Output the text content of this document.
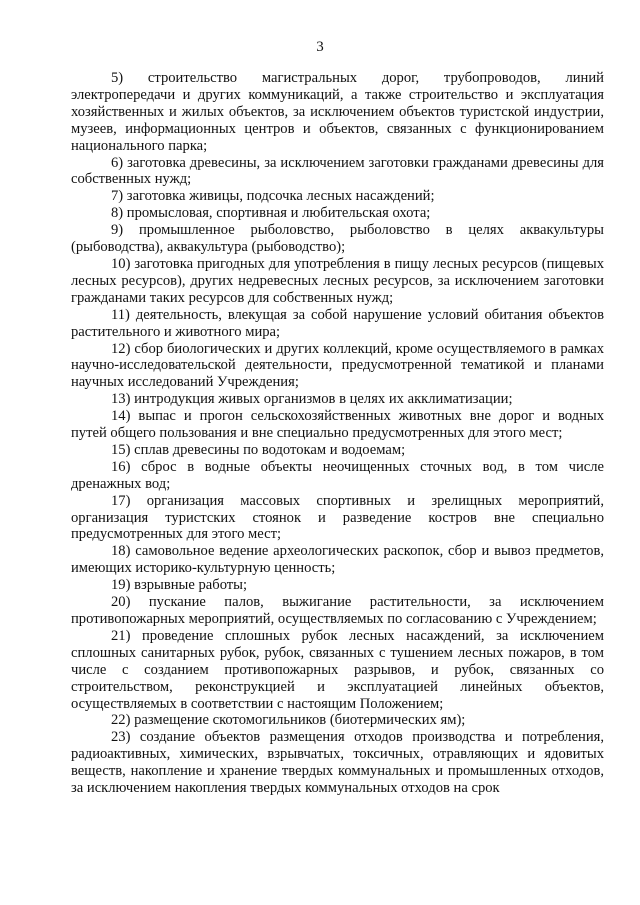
3

5) строительство магистральных дорог, трубопроводов, линий электропередачи и других коммуникаций, а также строительство и эксплуатация хозяйственных и жилых объектов, за исключением объектов туристской индустрии, музеев, информационных центров и объектов, связанных с функционированием национального парка;

6) заготовка древесины, за исключением заготовки гражданами древесины для собственных нужд;

7) заготовка живицы, подсочка лесных насаждений;

8) промысловая, спортивная и любительская охота;

9) промышленное рыболовство, рыболовство в целях аквакультуры (рыбоводства), аквакультура (рыбоводство);

10) заготовка пригодных для употребления в пищу лесных ресурсов (пищевых лесных ресурсов), других недревесных лесных ресурсов, за исключением заготовки гражданами таких ресурсов для собственных нужд;

11) деятельность, влекущая за собой нарушение условий обитания объектов растительного и животного мира;

12) сбор биологических и других коллекций, кроме осуществляемого в рамках научно-исследовательской деятельности, предусмотренной тематикой и планами научных исследований Учреждения;

13) интродукция живых организмов в целях их акклиматизации;

14) выпас и прогон сельскохозяйственных животных вне дорог и водных путей общего пользования и вне специально предусмотренных для этого мест;

15) сплав древесины по водотокам и водоемам;

16) сброс в водные объекты неочищенных сточных вод, в том числе дренажных вод;

17) организация массовых спортивных и зрелищных мероприятий, организация туристских стоянок и разведение костров вне специально предусмотренных для этого мест;

18) самовольное ведение археологических раскопок, сбор и вывоз предметов, имеющих историко-культурную ценность;

19) взрывные работы;

20) пускание палов, выжигание растительности, за исключением противопожарных мероприятий, осуществляемых по согласованию с Учреждением;

21) проведение сплошных рубок лесных насаждений, за исключением сплошных санитарных рубок, рубок, связанных с тушением лесных пожаров, в том числе с созданием противопожарных разрывов, и рубок, связанных со строительством, реконструкцией и эксплуатацией линейных объектов, осуществляемых в соответствии с настоящим Положением;

22) размещение скотомогильников (биотермических ям);

23) создание объектов размещения отходов производства и потребления, радиоактивных, химических, взрывчатых, токсичных, отравляющих и ядовитых веществ, накопление и хранение твердых коммунальных и промышленных отходов, за исключением накопления твердых коммунальных отходов на срок
